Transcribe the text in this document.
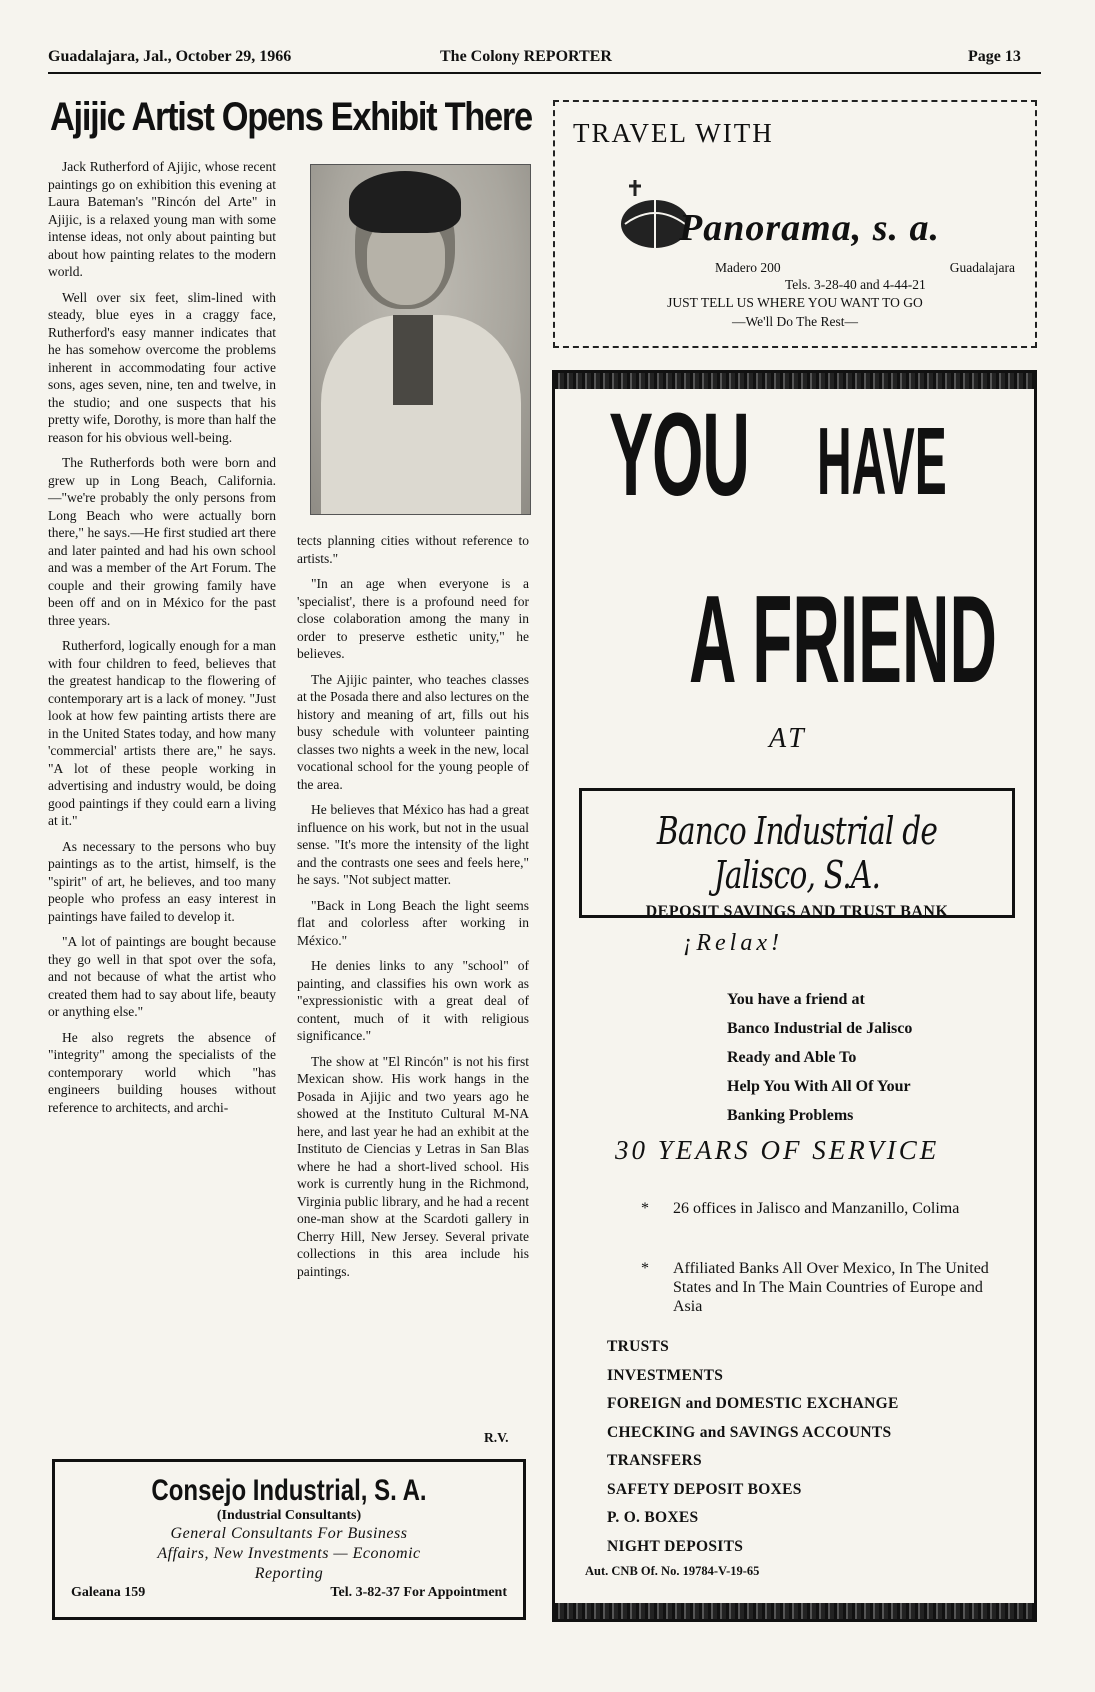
Guadalajara, Jal., October 29, 1966	The Colony REPORTER	Page 13
Ajijic Artist Opens Exhibit There

Jack Rutherford of Ajijic, whose recent paintings go on exhibition this evening at Laura Bateman's "Rincón del Arte" in Ajijic, is a relaxed young man with some intense ideas, not only about painting but about how painting relates to the modern world.

Well over six feet, slim-lined with steady, blue eyes in a craggy face, Rutherford's easy manner indicates that he has somehow overcome the problems inherent in accommodating four active sons, ages seven, nine, ten and twelve, in the studio; and one suspects that his pretty wife, Dorothy, is more than half the reason for his obvious well-being.

The Rutherfords both were born and grew up in Long Beach, California.—"we're probably the only persons from Long Beach who were actually born there," he says.—He first studied art there and later painted and had his own school and was a member of the Art Forum. The couple and their growing family have been off and on in México for the past three years.

Rutherford, logically enough for a man with four children to feed, believes that the greatest handicap to the flowering of contemporary art is a lack of money. "Just look at how few painting artists there are in the United States today, and how many 'commercial' artists there are," he says. "A lot of these people working in advertising and industry would, be doing good paintings if they could earn a living at it."

As necessary to the persons who buy paintings as to the artist, himself, is the "spirit" of art, he believes, and too many people who profess an easy interest in paintings have failed to develop it.

"A lot of paintings are bought because they go well in that spot over the sofa, and not because of what the artist who created them had to say about life, beauty or anything else."

He also regrets the absence of "integrity" among the specialists of the contemporary world which "has engineers building houses without reference to architects, and archi-

tects planning cities without reference to artists."

"In an age when everyone is a 'specialist', there is a profound need for close colaboration among the many in order to preserve esthetic unity," he believes.

The Ajijic painter, who teaches classes at the Posada there and also lectures on the history and meaning of art, fills out his busy schedule with volunteer painting classes two nights a week in the new, local vocational school for the young people of the area.

He believes that México has had a great influence on his work, but not in the usual sense. "It's more the intensity of the light and the contrasts one sees and feels here," he says. "Not subject matter.

"Back in Long Beach the light seems flat and colorless after working in México."

He denies links to any "school" of painting, and classifies his own work as "expressionistic with a great deal of content, much of it with religious significance."

The show at "El Rincón" is not his first Mexican show. His work hangs in the Posada in Ajijic and two years ago he showed at the Instituto Cultural M-NA here, and last year he had an exhibit at the Instituto de Ciencias y Letras in San Blas where he had a short-lived school. His work is currently hung in the Richmond, Virginia public library, and he had a recent one-man show at the Scardoti gallery in Cherry Hill, New Jersey. Several private collections in this area include his paintings.

R.V.
Consejo Industrial, S. A.
(Industrial Consultants)
General Consultants For Business
Affairs, New Investments — Economic
Reporting
Galeana 159	Tel. 3-82-37 For Appointment
TRAVEL WITH
Panorama, s. a.
Madero 200	Guadalajara
Tels. 3-28-40 and 4-44-21
JUST TELL US WHERE YOU WANT TO GO
—We'll Do The Rest—
YOU HAVE
A FRIEND
AT
Banco Industrial de Jalisco, S.A.
DEPOSIT SAVINGS AND TRUST BANK
¡Relax!
You have a friend at
Banco Industrial de Jalisco
Ready and Able To
Help You With All Of Your
Banking Problems
30 YEARS OF SERVICE
* 26 offices in Jalisco and Manzanillo, Colima
* Affiliated Banks All Over Mexico, In The United States and In The Main Countries of Europe and Asia
TRUSTS
INVESTMENTS
FOREIGN and DOMESTIC EXCHANGE
CHECKING and SAVINGS ACCOUNTS
TRANSFERS
SAFETY DEPOSIT BOXES
P. O. BOXES
NIGHT DEPOSITS
Aut. CNB Of. No. 19784-V-19-65
